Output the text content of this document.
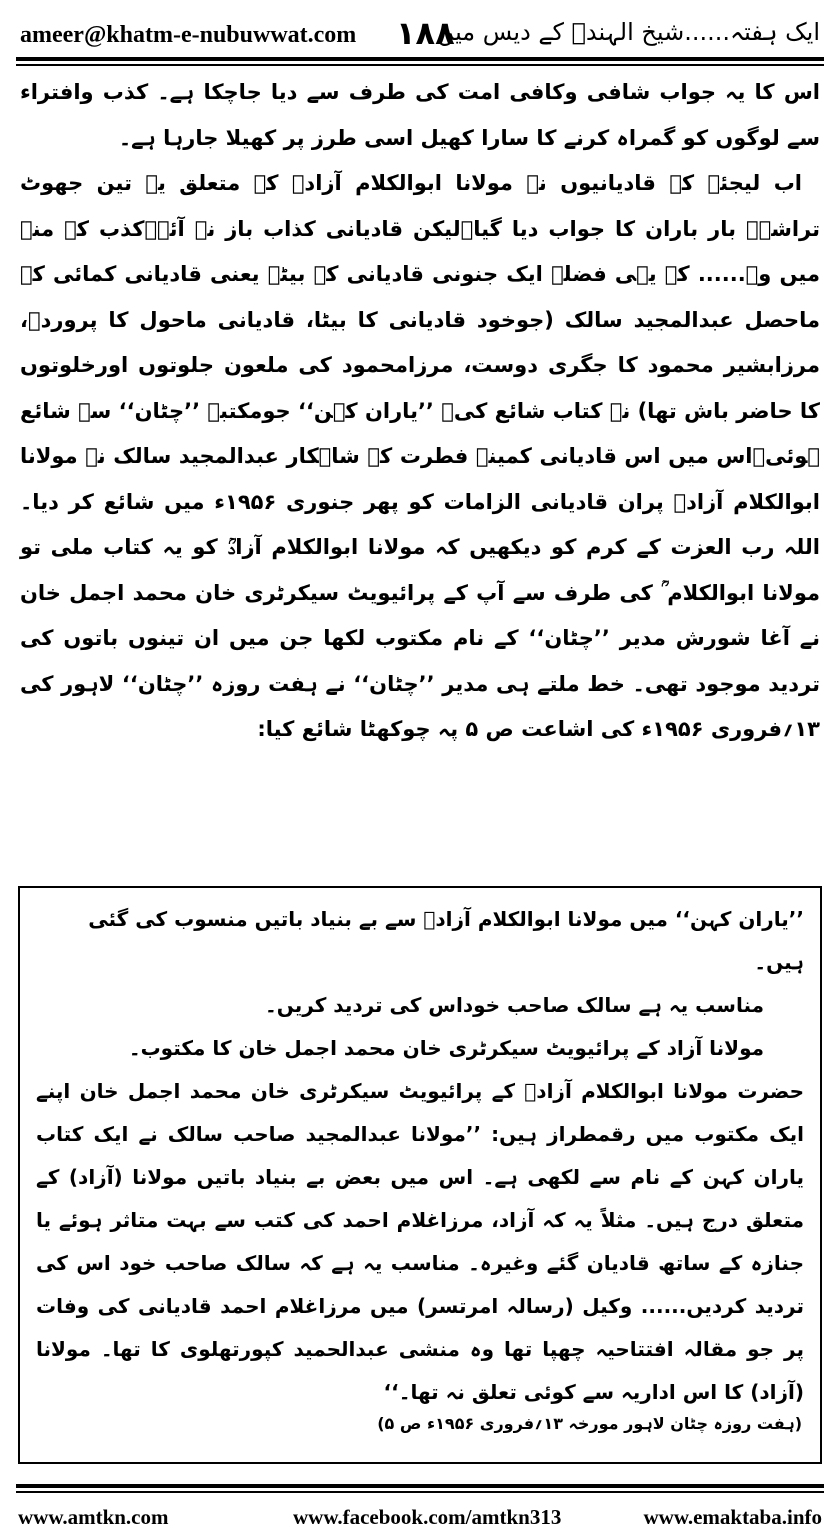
ameer@khatm-e-nubuwwat.com ۱۸۸
ایک ہفتہ......شیخ الہندؒ کے دیس میں

اس کا یہ جواب شافی وکافی امت کی طرف سے دیا جاچکا ہے۔ کذب وافتراء سے لوگوں کو گمراہ کرنے کا سارا کھیل اسی طرز پر کھیلا جارہا ہے۔

اب لیجئے کہ قادیانیوں نے مولانا ابوالکلام آزادؒ کے متعلق یہ تین جھوٹ تراشے۔ بار باران کا جواب دیا گیا۔لیکن قادیانی کذاب باز نہ آئے۔کذب کے منہ میں وہ...... کہ یہی فضلہ ایک جنونی قادیانی کے بیٹے یعنی قادیانی کمائی کے ماحصل عبدالمجید سالک (جوخود قادیانی کا بیٹا، قادیانی ماحول کا پروردہ، مرزابشیر محمود کا جگری دوست، مرزامحمود کی ملعون جلوتوں اورخلوتوں کا حاضر باش تھا) نے کتاب شائع کی۔ ’’یاران کہن‘‘ جومکتبہ ’’چٹان‘‘ سے شائع ہوئی۔اس میں اس قادیانی کمینہ فطرت کے شاہکار عبدالمجید سالک نے مولانا ابوالکلام آزادؒ پران قادیانی الزامات کو پھر جنوری ۱۹۵۶ء میں شائع کر دیا۔ اللہ رب العزت کے کرم کو دیکھیں کہ مولانا ابوالکلام آزادؒ کو یہ کتاب ملی تو مولانا ابوالکلام ؒ کی طرف سے آپ کے پرائیویٹ سیکرٹری خان محمد اجمل خان نے آغا شورش مدیر ’’چٹان‘‘ کے نام مکتوب لکھا جن میں ان تینوں باتوں کی تردید موجود تھی۔ خط ملتے ہی مدیر ’’چٹان‘‘ نے ہفت روزہ ’’چٹان‘‘ لاہور کی ۱۳؍فروری ۱۹۵۶ء کی اشاعت ص ۵ پہ چوکھٹا شائع کیا:

’’یاران کہن‘‘ میں مولانا ابوالکلام آزادؒ سے بے بنیاد باتیں منسوب کی گئی ہیں۔

مناسب یہ ہے سالک صاحب خوداس کی تردید کریں۔

مولانا آزاد کے پرائیویٹ سیکرٹری خان محمد اجمل خان کا مکتوب۔

حضرت مولانا ابوالکلام آزادؒ کے پرائیویٹ سیکرٹری خان محمد اجمل خان اپنے ایک مکتوب میں رقمطراز ہیں: ’’مولانا عبدالمجید صاحب سالک نے ایک کتاب یاران کہن کے نام سے لکھی ہے۔ اس میں بعض بے بنیاد باتیں مولانا (آزاد) کے متعلق درج ہیں۔ مثلاً یہ کہ آزاد، مرزاغلام احمد کی کتب سے بہت متاثر ہوئے یا جنازہ کے ساتھ قادیان گئے وغیرہ۔ مناسب یہ ہے کہ سالک صاحب خود اس کی تردید کردیں...... وکیل (رسالہ امرتسر) میں مرزاغلام احمد قادیانی کی وفات پر جو مقالہ افتتاحیہ چھپا تھا وہ منشی عبدالحمید کپورتھلوی کا تھا۔ مولانا (آزاد) کا اس اداریہ سے کوئی تعلق نہ تھا۔‘‘

(ہفت روزہ چٹان لاہور مورخہ ۱۳؍فروری ۱۹۵۶ء ص ۵)

www.amtkn.com	www.facebook.com/amtkn313	www.emaktaba.info
